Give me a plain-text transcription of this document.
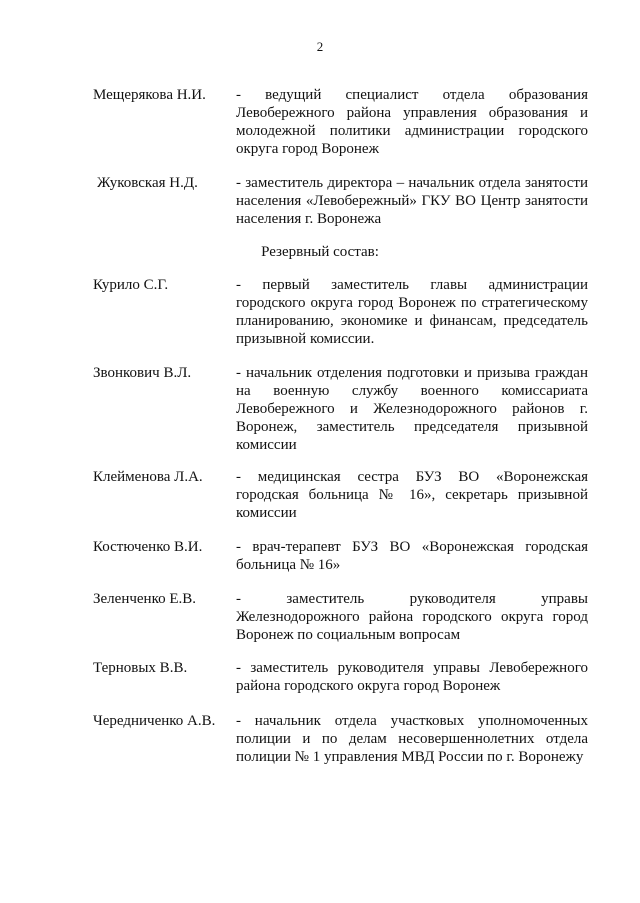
2
Мещерякова Н.И. - ведущий специалист отдела образования Левобережного района управления образования и молодежной политики администрации городского округа город Воронеж
Жуковская Н.Д.	- заместитель директора – начальник отдела занятости населения «Левобережный» ГКУ ВО Центр занятости населения г. Воронежа
Резервный состав:
Курило С.Г.	- первый заместитель главы администрации городского округа город Воронеж по стратегическому планированию, экономике и финансам, председатель призывной комиссии.
Звонкович В.Л.	- начальник отделения подготовки и призыва граждан на военную службу военного комиссариата Левобережного и Железнодорожного районов г. Воронеж, заместитель председателя призывной комиссии
Клейменова Л.А. - медицинская сестра БУЗ ВО «Воронежская городская больница № 16», секретарь призывной комиссии
Костюченко В.И. - врач-терапевт БУЗ ВО «Воронежская городская больница № 16»
Зеленченко Е.В.	- заместитель руководителя управы Железнодорожного района городского округа город Воронеж по социальным вопросам
Терновых В.В.	- заместитель руководителя управы Левобережного района городского округа город Воронеж
Чередниченко А.В. - начальник отдела участковых уполномоченных полиции и по делам несовершеннолетних отдела полиции № 1 управления МВД России по г. Воронежу
